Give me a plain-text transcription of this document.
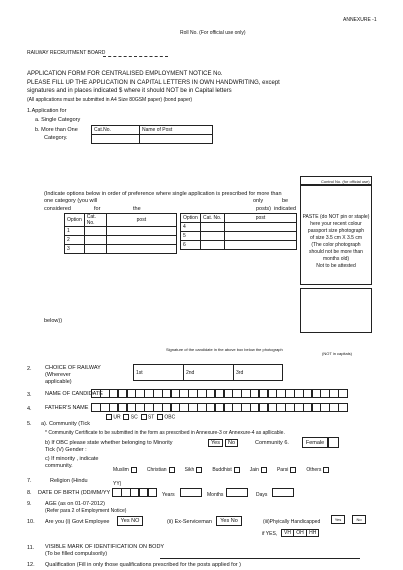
ANNEXURE -1
Roll No. (For official use only)
RAILWAY RECRUITMENT BOARD
APPLICATION FORM FOR CENTRALISED EMPLOYMENT NOTICE No.
PLEASE FILL UP THE APPLICATION IN CAPITAL LETTERS IN OWN HANDWRITING, except
signatures and in places indicated $ where it should NOT be in Capital letters
(All applications must be submitted in A4 Size 80GSM paper) (bond paper)
1.Application for
a. Single Category
b. More than One
Category.
Cat.No.	Name of Post

Control No. (for official use)
(Indicate options below in order of preference where single application is prescribed for more than
one category (you will	only	be
considered	for	the	posts) indicated
Option	Cat. No.	post
1		
2		
3		
Option	Cat. No.	post
4		
5		
6		
below))
PASTE (do NOT pin or staple)
here your recent colour
passport size photograph
of size 3.5 cm X 3.5 cm
(The color photograph
should not be more than
months old)
Not to be attested
Signature of the candidate in the above box below the photograph
(NOT in capitals)
2. CHOICE OF RAILWAY
(Wherever
applicable)
1st	2nd	3rd
3. NAME OF CANDIDATE
4. FATHER'S NAME
5. a). Community (Tick
UR SC ST OBC
* Community Certificate to be submitted in the form as prescribed in Annexure-3 or Annexure-4 as apllicable.
b) If OBC please state whether belonging to Minority	Yes No	Community 6.	Female
Tick (V) Gender :
c) If minority , indicate
community.
Muslim	Christian	Sikh	Buddhist	Jain	Parsi	Others
7.	Religion (Hindu	YY)
8. DATE OF BIRTH (DD/MM/YY	Years	Months	Days
9. AGE (as on 01-07-2012)
(Refer para 2 of Employment Notice)
10. Are you (i) Govt Employee	Yes NO	(ii) Ex-Serviceman	Yes No	(iii)Phyically Handicapped	Yes	No
if YES,	VH	OH	HH
11. VISIBLE MARK OF IDENTIFICATION ON BODY
(To be filled compulsorily)
12. Qualification (Fill in only those qualifications prescribed for the posts applied for )
